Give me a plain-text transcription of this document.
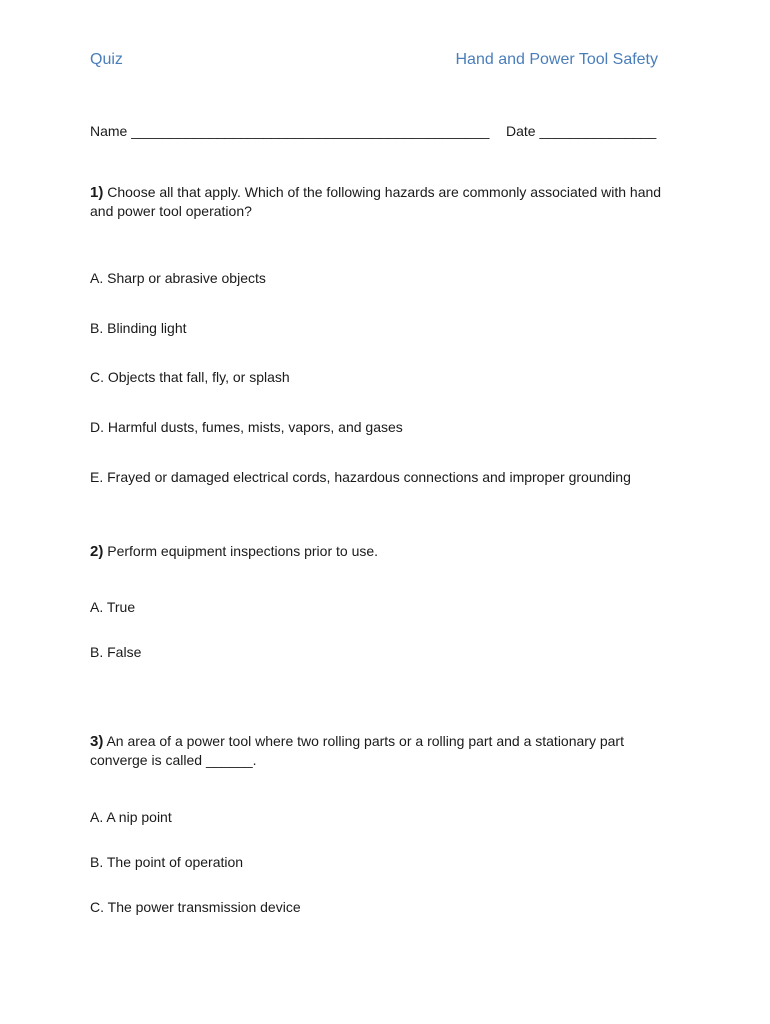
Quiz	Hand and Power Tool Safety
Name ______________________________________________ Date _______________
1) Choose all that apply. Which of the following hazards are commonly associated with hand and power tool operation?
A. Sharp or abrasive objects
B. Blinding light
C. Objects that fall, fly, or splash
D. Harmful dusts, fumes, mists, vapors, and gases
E. Frayed or damaged electrical cords, hazardous connections and improper grounding
2) Perform equipment inspections prior to use.
A. True
B. False
3) An area of a power tool where two rolling parts or a rolling part and a stationary part converge is called ______.
A. A nip point
B. The point of operation
C. The power transmission device
